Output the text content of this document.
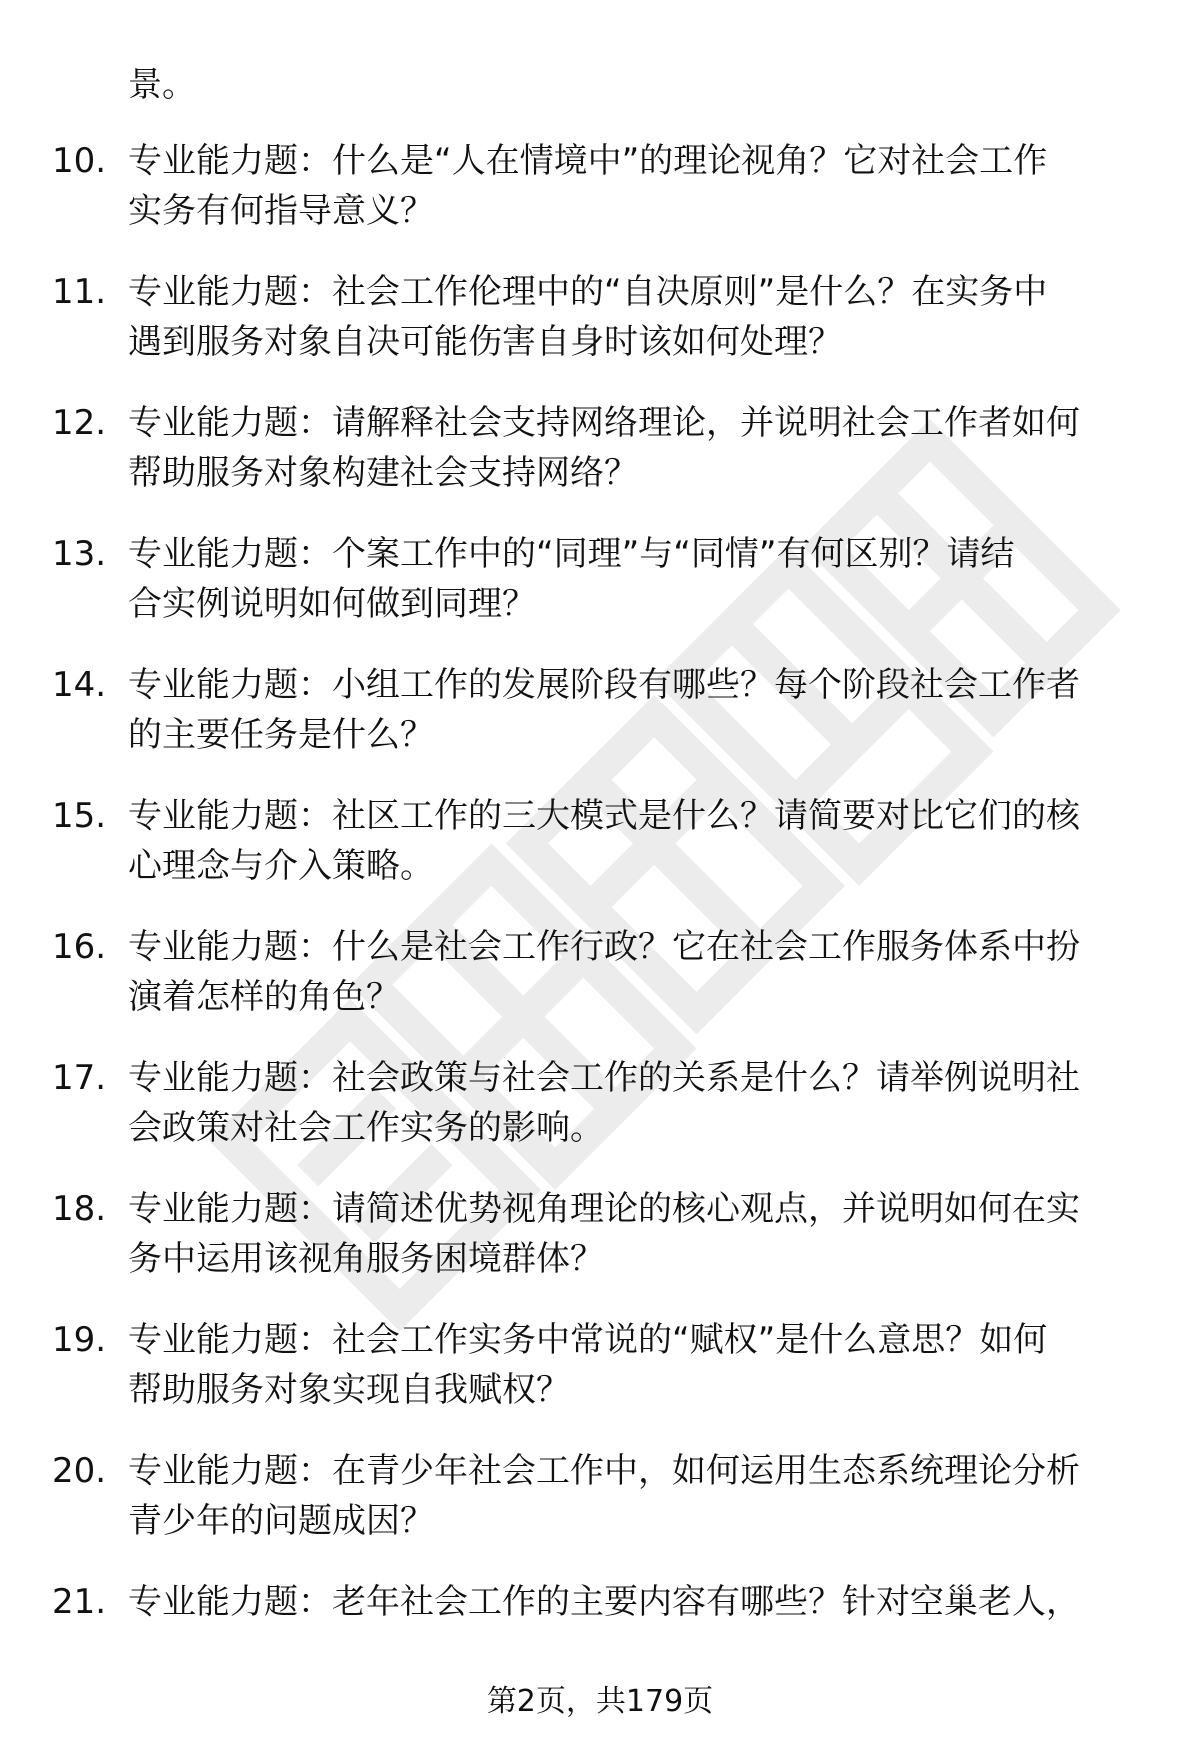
景。
10. 专业能力题：什么是“人在情境中”的理论视角？它对社会工作
实务有何指导意义？
11. 专业能力题：社会工作伦理中的“自决原则”是什么？在实务中
遇到服务对象自决可能伤害自身时该如何处理？
12. 专业能力题：请解释社会支持网络理论，并说明社会工作者如何
帮助服务对象构建社会支持网络？
13. 专业能力题：个案工作中的“同理”与“同情”有何区别？请结
合实例说明如何做到同理？
14. 专业能力题：小组工作的发展阶段有哪些？每个阶段社会工作者
的主要任务是什么？
15. 专业能力题：社区工作的三大模式是什么？请简要对比它们的核
心理念与介入策略。
16. 专业能力题：什么是社会工作行政？它在社会工作服务体系中扮
演着怎样的角色？
17. 专业能力题：社会政策与社会工作的关系是什么？请举例说明社
会政策对社会工作实务的影响。
18. 专业能力题：请简述优势视角理论的核心观点，并说明如何在实
务中运用该视角服务困境群体？
19. 专业能力题：社会工作实务中常说的“赋权”是什么意思？如何
帮助服务对象实现自我赋权？
20. 专业能力题：在青少年社会工作中，如何运用生态系统理论分析
青少年的问题成因？
21. 专业能力题：老年社会工作的主要内容有哪些？针对空巢老人，
第2页，共179页
